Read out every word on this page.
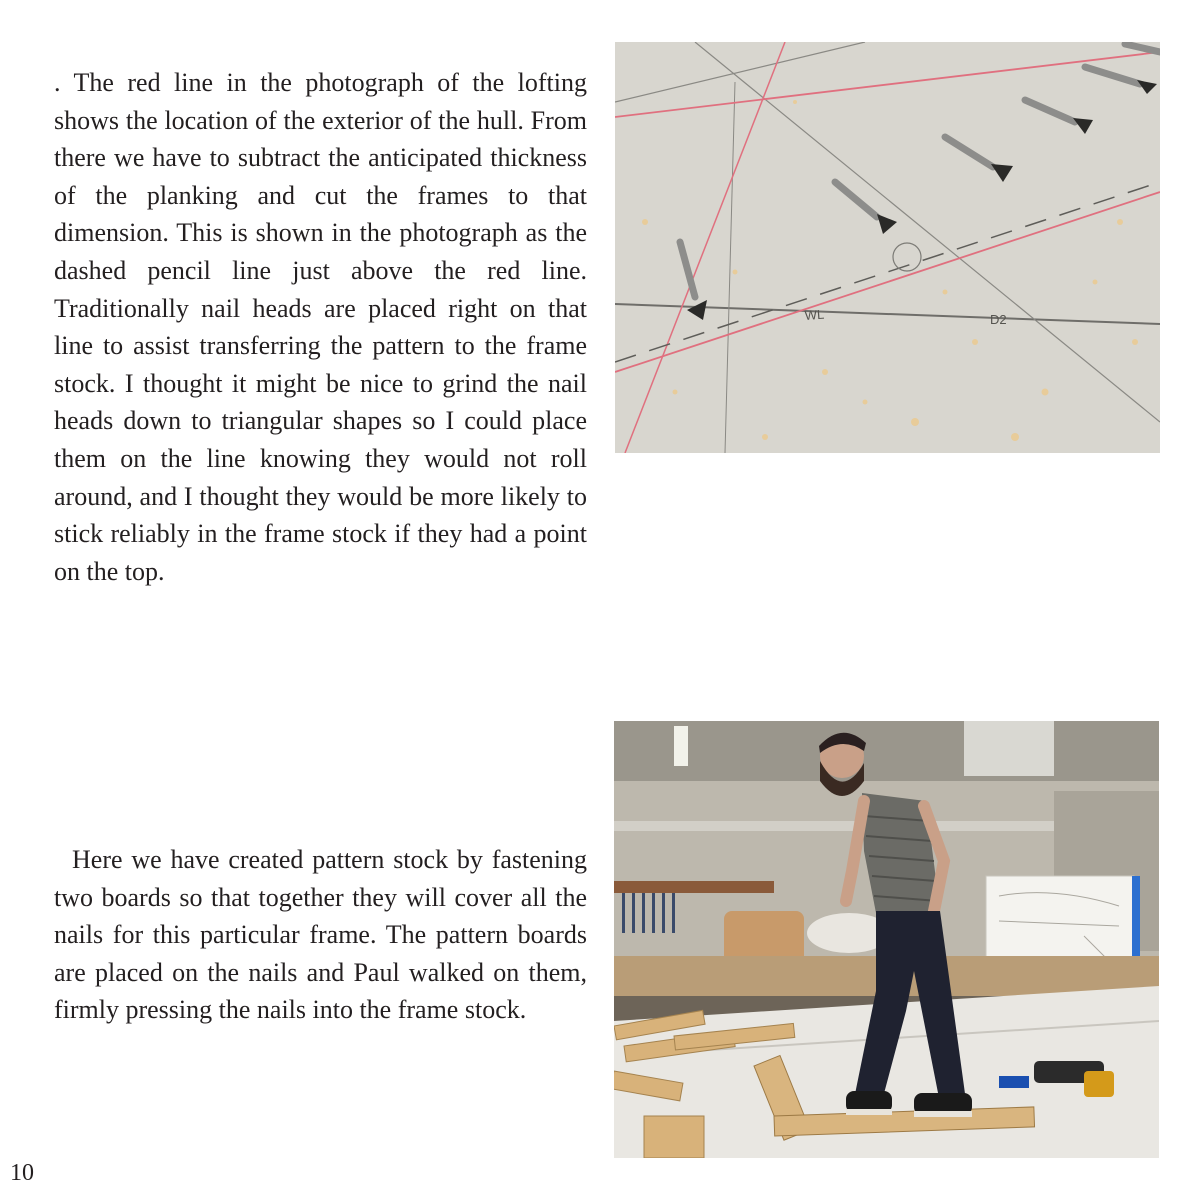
. The red line in the photograph of the lofting shows the location of the exterior of the hull. From there we have to subtract the anticipated thickness of the planking and cut the frames to that dimension. This is shown in the photograph as the dashed pencil line just above the red line. Traditionally nail heads are placed right on that line to assist transferring the pattern to the frame stock. I thought it might be nice to grind the nail heads down to triangular shapes so I could place them on the line knowing they would not roll around, and I thought they would be more likely to stick reliably in the frame stock if they had a point on the top.

WL	D2

Here we have created pattern stock by fastening two boards so that together they will cover all the nails for this particular frame. The pattern boards are placed on the nails and Paul walked on them, firmly pressing the nails into the frame stock.

10
